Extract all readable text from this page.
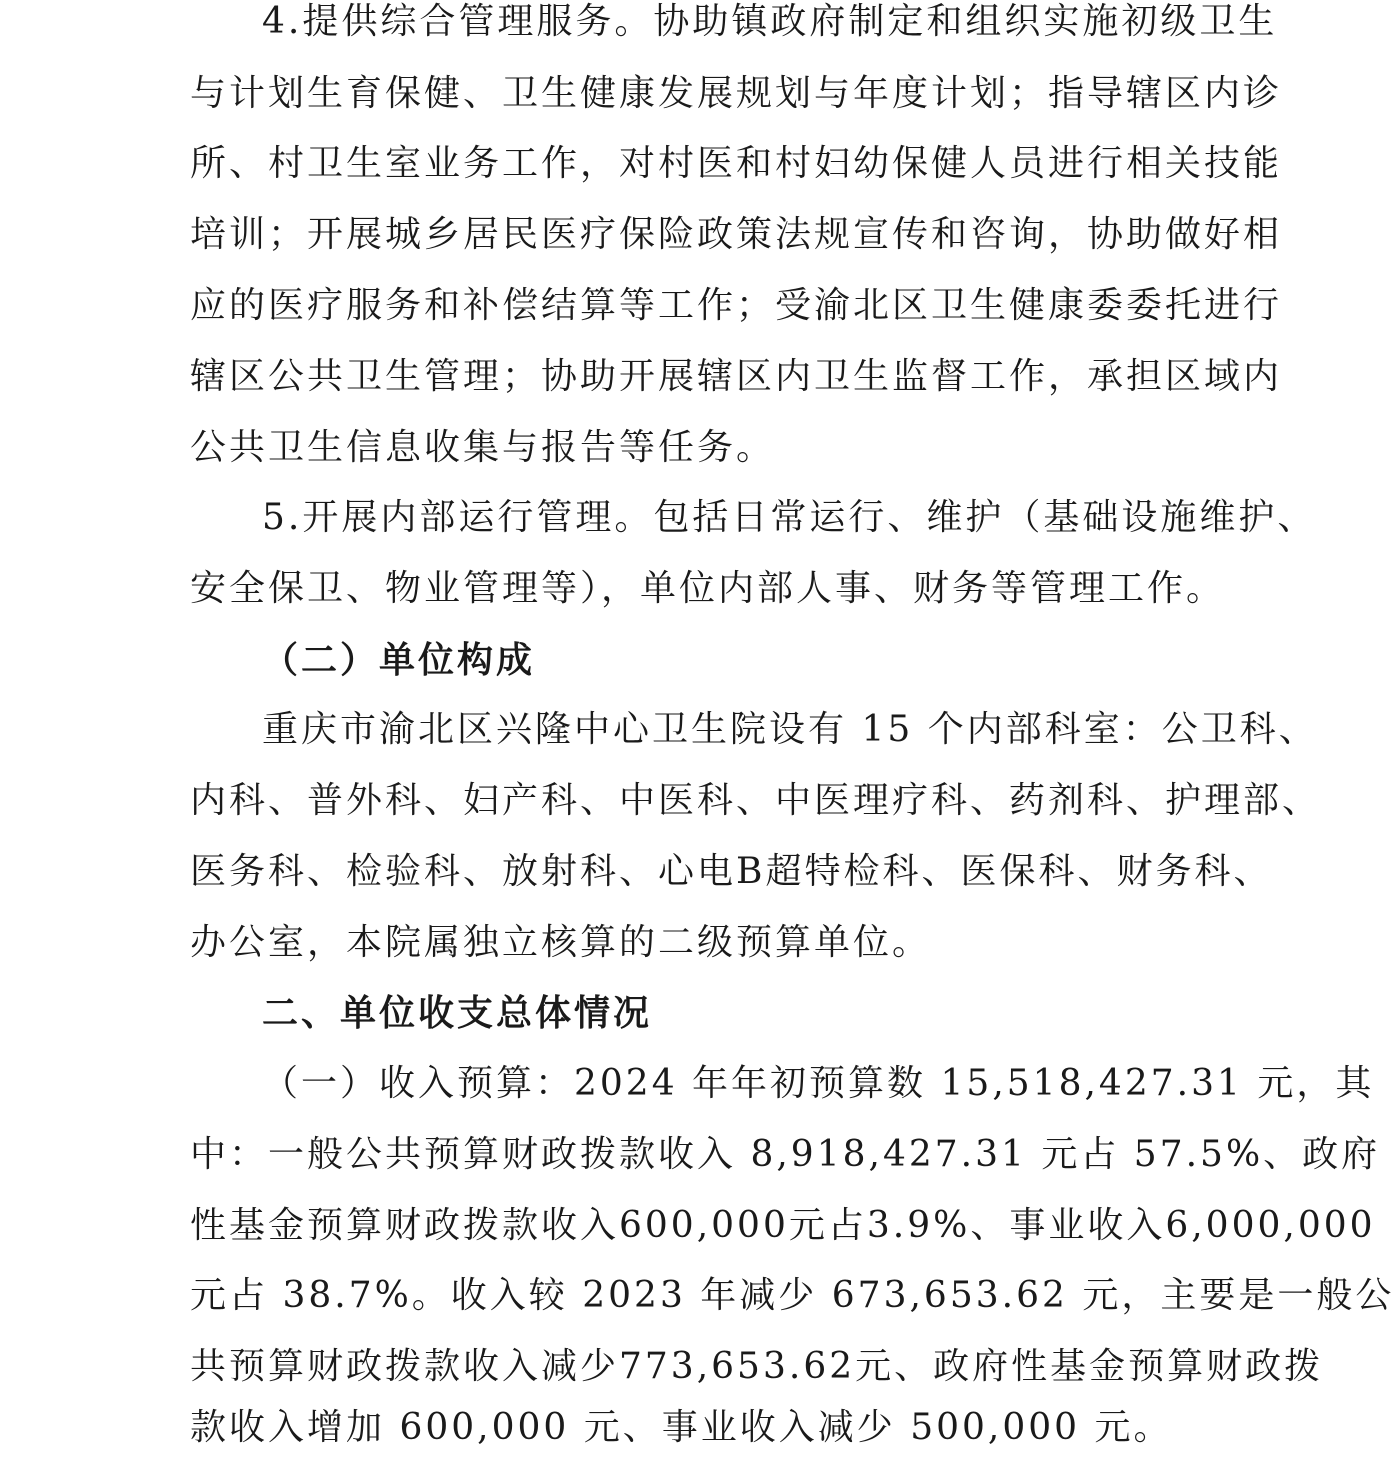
4.提供综合管理服务。协助镇政府制定和组织实施初级卫生
与计划生育保健、卫生健康发展规划与年度计划；指导辖区内诊
所、村卫生室业务工作，对村医和村妇幼保健人员进行相关技能
培训；开展城乡居民医疗保险政策法规宣传和咨询，协助做好相
应的医疗服务和补偿结算等工作；受渝北区卫生健康委委托进行
辖区公共卫生管理；协助开展辖区内卫生监督工作，承担区域内
公共卫生信息收集与报告等任务。
5.开展内部运行管理。包括日常运行、维护（基础设施维护、
安全保卫、物业管理等），单位内部人事、财务等管理工作。
（二）单位构成
重庆市渝北区兴隆中心卫生院设有 15 个内部科室：公卫科、
内科、普外科、妇产科、中医科、中医理疗科、药剂科、护理部、
医务科、检验科、放射科、心电B超特检科、医保科、财务科、
办公室，本院属独立核算的二级预算单位。
二、单位收支总体情况
（一）收入预算：2024 年年初预算数 15,518,427.31 元，其
中：一般公共预算财政拨款收入 8,918,427.31 元占 57.5%、政府
性基金预算财政拨款收入600,000元占3.9%、事业收入6,000,000
元占 38.7%。收入较 2023 年减少 673,653.62 元，主要是一般公
共预算财政拨款收入减少773,653.62元、政府性基金预算财政拨
款收入增加 600,000 元、事业收入减少 500,000 元。
